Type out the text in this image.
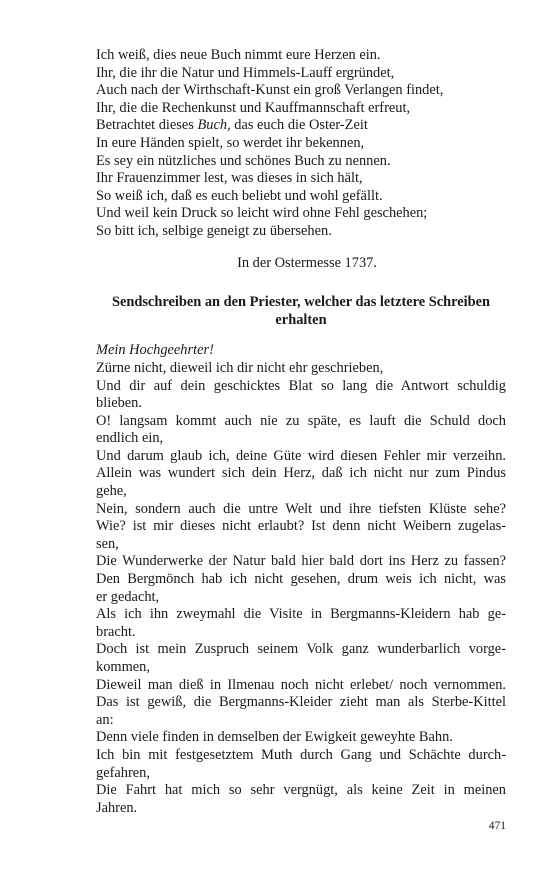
Ich weiß, dies neue Buch nimmt eure Herzen ein.
Ihr, die ihr die Natur und Himmels-Lauff ergründet,
Auch nach der Wirthschaft-Kunst ein groß Verlangen findet,
Ihr, die die Rechenkunst und Kauffmannschaft erfreut,
Betrachtet dieses Buch, das euch die Oster-Zeit
In eure Händen spielt, so werdet ihr bekennen,
Es sey ein nützliches und schönes Buch zu nennen.
Ihr Frauenzimmer lest, was dieses in sich hält,
So weiß ich, daß es euch beliebt und wohl gefällt.
Und weil kein Druck so leicht wird ohne Fehl geschehen;
So bitt ich, selbige geneigt zu übersehen.
In der Ostermesse 1737.
Sendschreiben an den Priester, welcher das letztere Schreiben
erhalten
Mein Hochgeehrter!
Zürne nicht, dieweil ich dir nicht ehr geschrieben,
Und dir auf dein geschicktes Blat so lang die Antwort schuldig
blieben.
O! langsam kommt auch nie zu späte, es lauft die Schuld doch
endlich ein,
Und darum glaub ich, deine Güte wird diesen Fehler mir verzeihn.
Allein was wundert sich dein Herz, daß ich nicht nur zum Pindus
gehe,
Nein, sondern auch die untre Welt und ihre tiefsten Klüste sehe?
Wie? ist mir dieses nicht erlaubt? Ist denn nicht Weibern zugelas-
sen,
Die Wunderwerke der Natur bald hier bald dort ins Herz zu fassen?
Den Bergmönch hab ich nicht gesehen, drum weis ich nicht, was
er gedacht,
Als ich ihn zweymahl die Visite in Bergmanns-Kleidern hab ge-
bracht.
Doch ist mein Zuspruch seinem Volk ganz wunderbarlich vorge-
kommen,
Dieweil man dieß in Ilmenau noch nicht erlebet/ noch vernommen.
Das ist gewiß, die Bergmanns-Kleider zieht man als Sterbe-Kittel
an:
Denn viele finden in demselben der Ewigkeit geweyhte Bahn.
Ich bin mit festgesetztem Muth durch Gang und Schächte durch-
gefahren,
Die Fahrt hat mich so sehr vergnügt, als keine Zeit in meinen
Jahren.
471
